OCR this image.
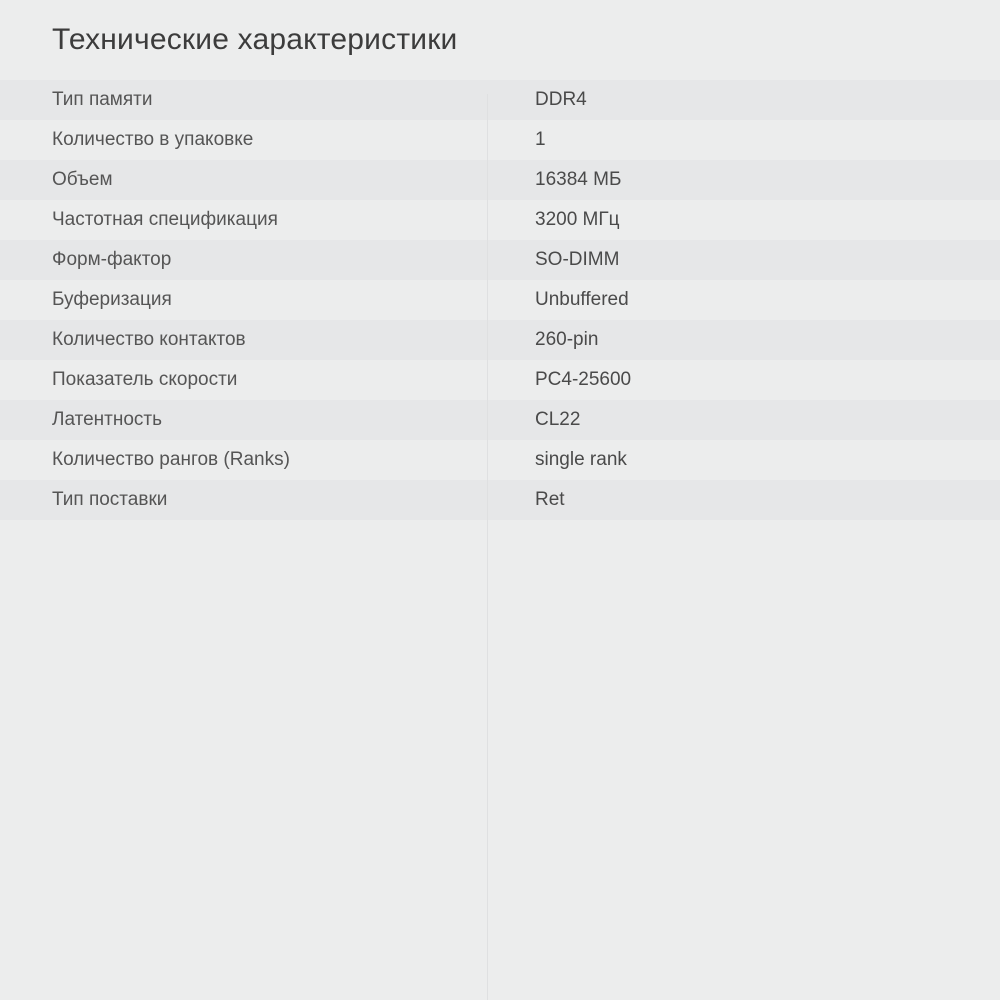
Технические характеристики
Тип памяти	DDR4
Количество в упаковке	1
Объем	16384 МБ
Частотная спецификация	3200 МГц
Форм-фактор	SO-DIMM
Буферизация	Unbuffered
Количество контактов	260-pin
Показатель скорости	PC4-25600
Латентность	CL22
Количество рангов (Ranks)	single rank
Тип поставки	Ret
